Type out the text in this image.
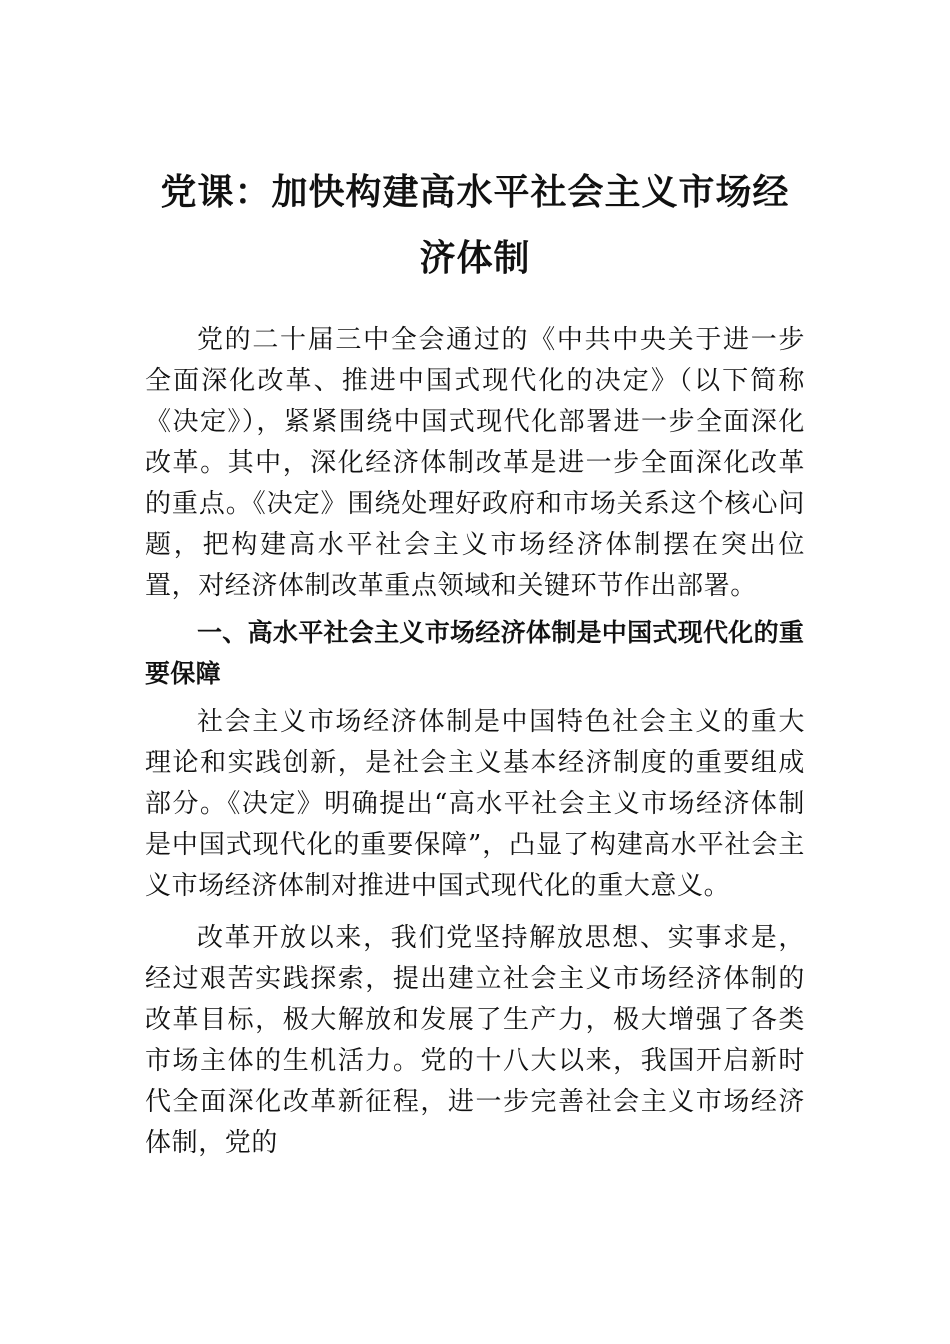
党课：加快构建高水平社会主义市场经济体制

党的二十届三中全会通过的《中共中央关于进一步全面深化改革、推进中国式现代化的决定》（以下简称《决定》），紧紧围绕中国式现代化部署进一步全面深化改革。其中，深化经济体制改革是进一步全面深化改革的重点。《决定》围绕处理好政府和市场关系这个核心问题，把构建高水平社会主义市场经济体制摆在突出位置，对经济体制改革重点领域和关键环节作出部署。

一、高水平社会主义市场经济体制是中国式现代化的重要保障

社会主义市场经济体制是中国特色社会主义的重大理论和实践创新，是社会主义基本经济制度的重要组成部分。《决定》明确提出“高水平社会主义市场经济体制是中国式现代化的重要保障”，凸显了构建高水平社会主义市场经济体制对推进中国式现代化的重大意义。

改革开放以来，我们党坚持解放思想、实事求是，经过艰苦实践探索，提出建立社会主义市场经济体制的改革目标，极大解放和发展了生产力，极大增强了各类市场主体的生机活力。党的十八大以来，我国开启新时代全面深化改革新征程，进一步完善社会主义市场经济体制，党的
